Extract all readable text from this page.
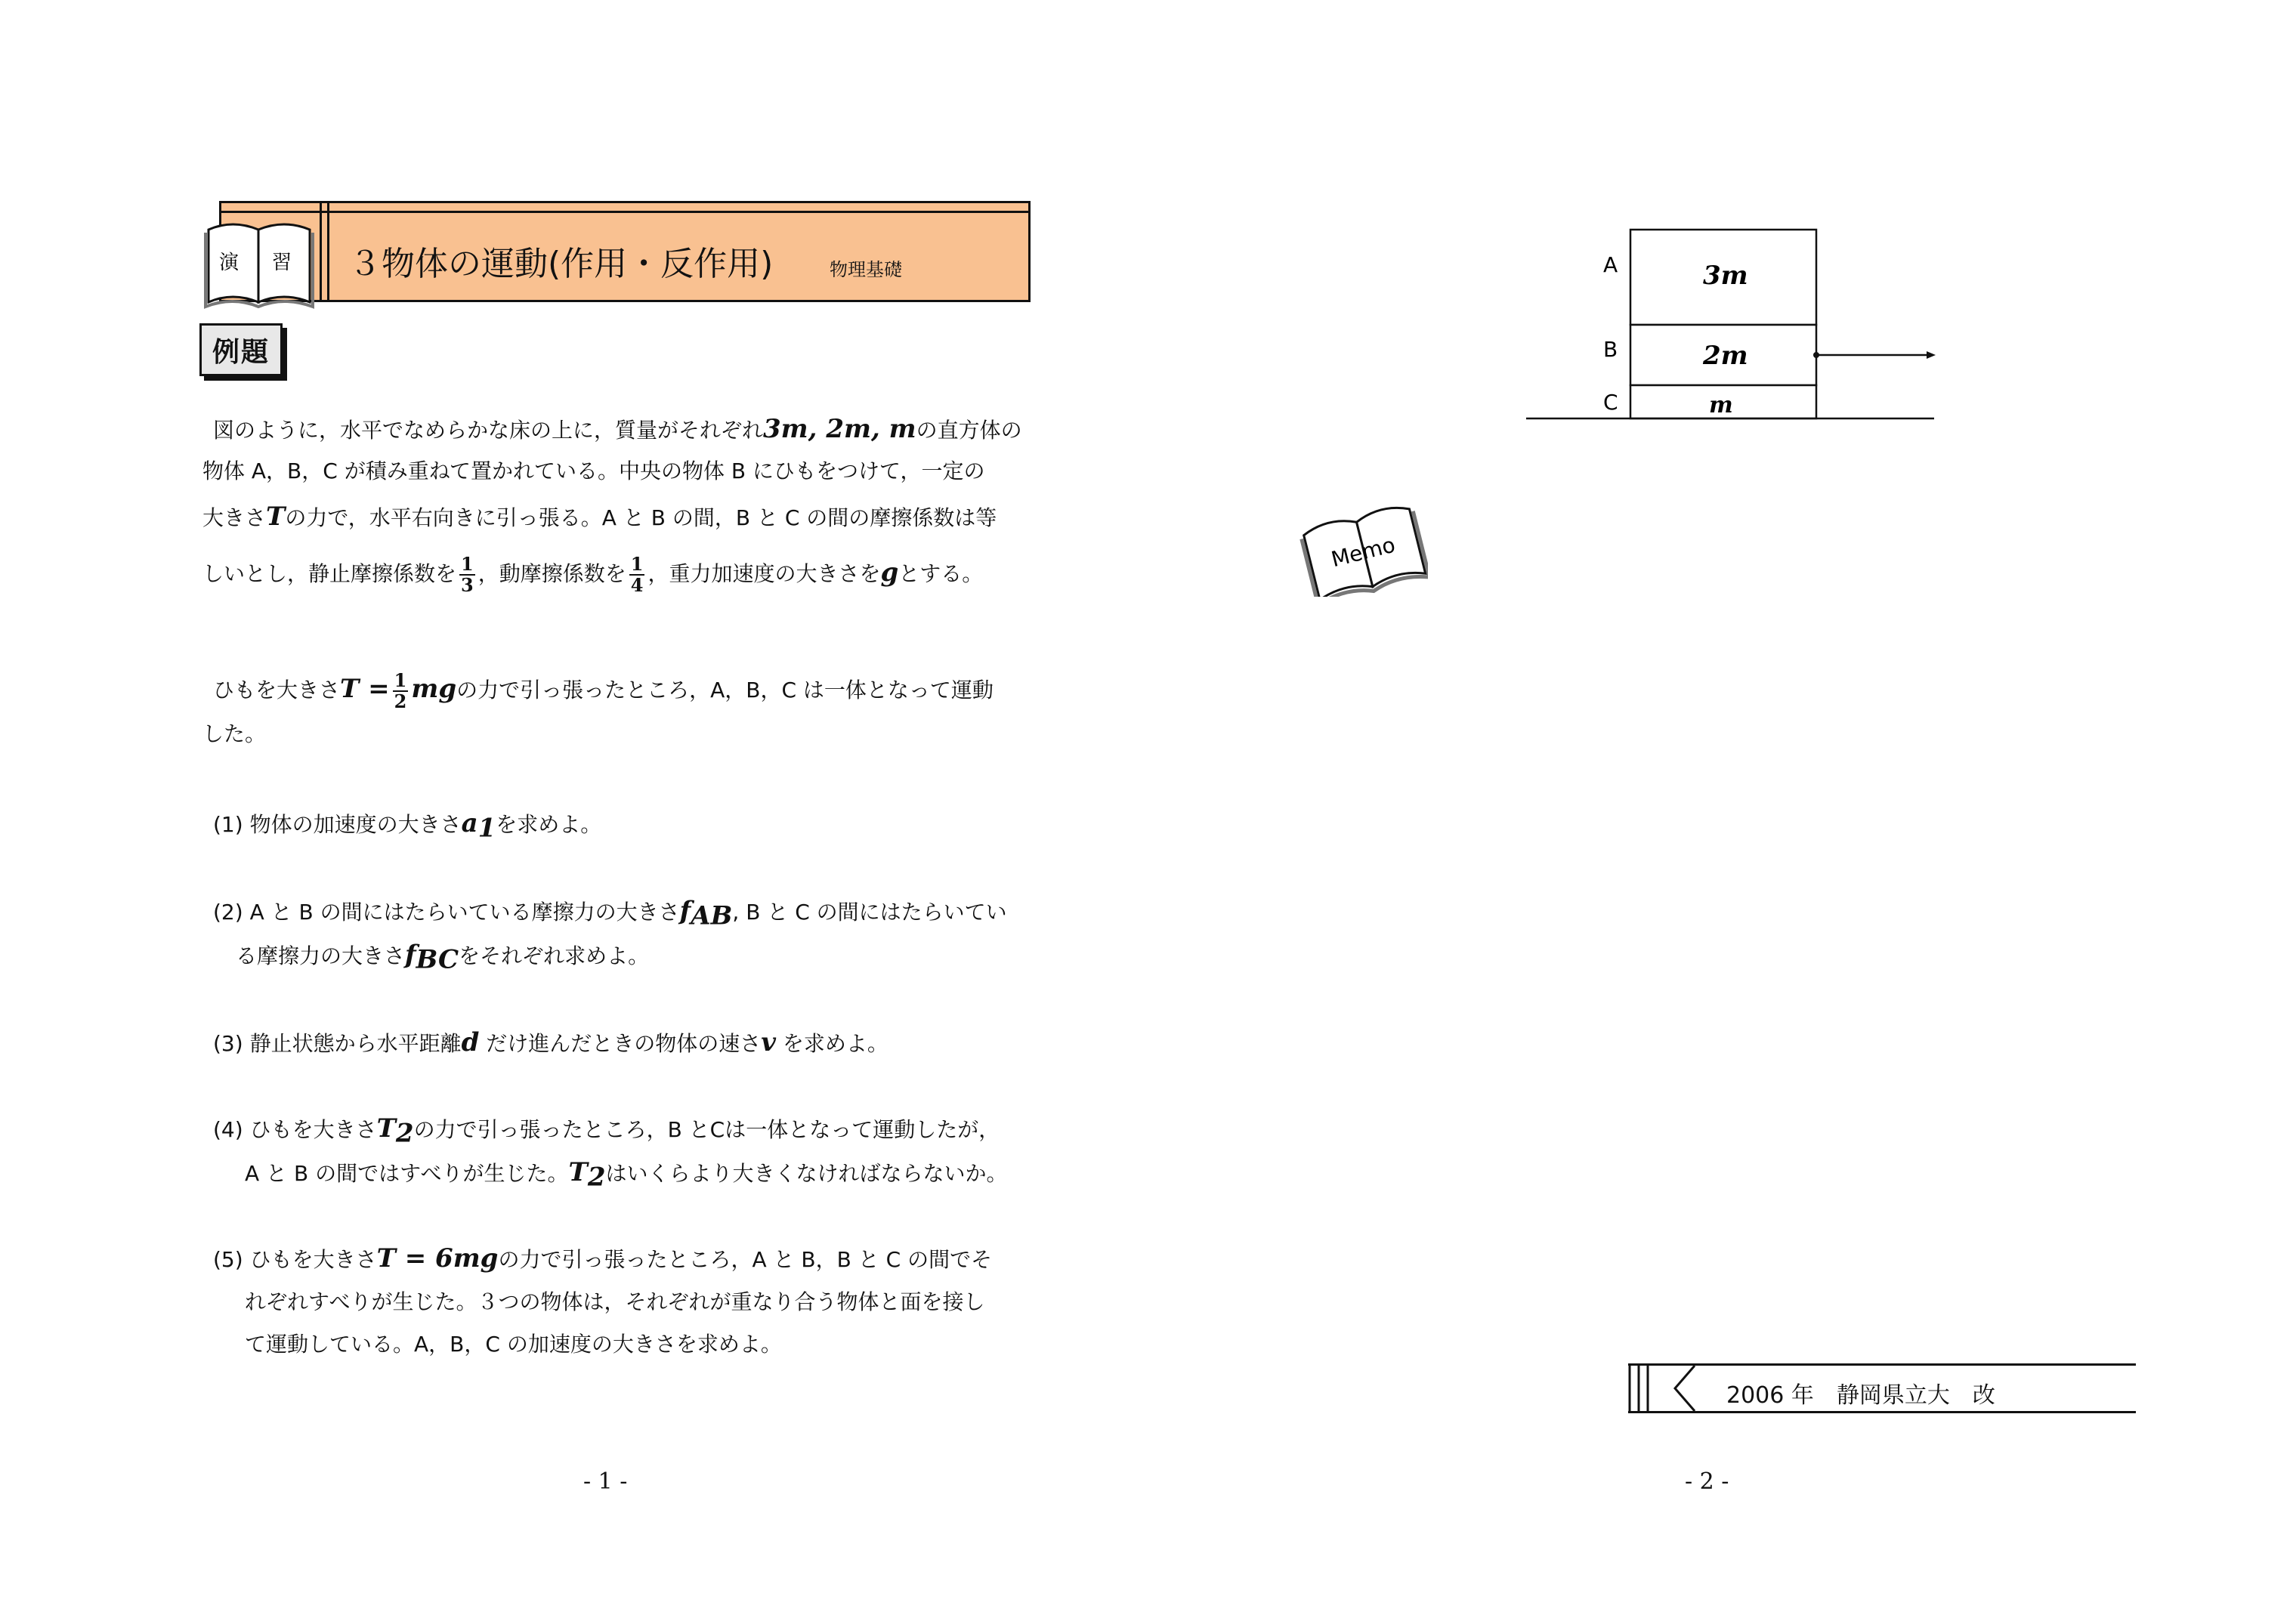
３物体の運動(作用・反作用)	物理基礎
演 習
例題
図のように，水平でなめらかな床の上に，質量がそれぞれ3m, 2m, mの直方体の
物体 A，B，C が積み重ねて置かれている。中央の物体 B にひもをつけて，一定の
大きさTの力で，水平右向きに引っ張る。A と B の間，B と C の間の摩擦係数は等
しいとし，静止摩擦係数を $\frac{1}{3}$ ，動摩擦係数を $\frac{1}{4}$ ，重力加速度の大きさをgとする。
ひもを大きさ$T = \frac{1}{2}$ mgの力で引っ張ったところ，A，B，C は一体となって運動
した。
(1) 物体の加速度の大きさ$a_1$を求めよ。
(2) A と B の間にはたらいている摩擦力の大きさ$f_{AB}$, B と C の間にはたらいてい
る摩擦力の大きさ$f_{BC}$をそれぞれ求めよ。
(3) 静止状態から水平距離d だけ進んだときの物体の速さv を求めよ。
(4) ひもを大きさ$T_2$の力で引っ張ったところ，B とCは一体となって運動したが，
A と B の間ではすべりが生じた。$T_2$はいくらより大きくなければならないか。
(5) ひもを大きさT = 6mgの力で引っ張ったところ，A と B，B と C の間でそ
れぞれすべりが生じた。３つの物体は，それぞれが重なり合う物体と面を接し
て運動している。A，B，C の加速度の大きさを求めよ。
- 1 -
A
B
C
3m
2m
m
Memo
2006 年　静岡県立大　改
- 2 -
